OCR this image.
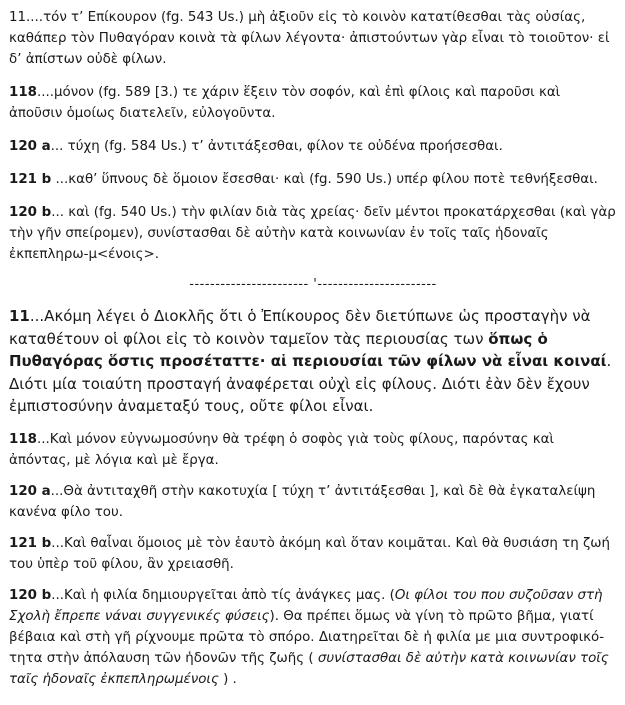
11....τόν τ’ Επίκουρον (fg. 543 Us.) μὴ ἀξιοῦν εἰς τὸ κοινὸν κατατίθεσθαι τὰς οὐσίας, καθάπερ τὸν Πυθαγόραν κοινὰ τὰ φίλων λέγοντα· ἀπιστούντων γὰρ εἶναι τὸ τοιοῦτον· εἰ δ’ ἀπίστων οὐδὲ φίλων.

118....μόνον (fg. 589 [3.) τε χάριν ἕξειν τὸν σοφόν, καὶ ἐπὶ φίλοις καὶ παροῦσι καὶ ἀποῦσιν ὁμοίως διατελεῖν, εὐλογοῦντα.

120 a... τύχη (fg. 584 Us.) τ’ ἀντιτάξεσθαι, φίλον τε οὐδένα προήσεσθαι.

121 b ...καθ’ ὕπνους δὲ ὅμοιον ἔσεσθαι· καὶ (fg. 590 Us.) υπέρ φίλου ποτὲ τεθνήξεσθαι.

120 b... καὶ (fg. 540 Us.) τὴν φιλίαν διὰ τὰς χρείας· δεῖν μέντοι προκατάρχεσθαι (καὶ γὰρ τὴν γῆν σπείρομεν), συνίστασθαι δὲ αὐτὴν κατὰ κοινωνίαν ἐν τοῖς ταῖς ἡδοναῖς ἐκπεπληρω-μ<ένοις>.

----------------------- '-----------------------

11...Ακόμη λέγει ὁ Διοκλῆς ὅτι ὁ Ἐπίκουρος δὲν διετύπωνε ὡς προσταγὴν νὰ καταθέτουν οἱ φίλοι εἰς τὸ κοινὸν ταμεῖον τὰς περιουσίας των ὅπως ὁ Πυθαγόρας ὅστις προσέταττε· αἱ περιουσίαι τῶν φίλων νὰ εἶναι κοιναί. Διότι μία τοιαύτη προσταγή ἀναφέρεται οὐχὶ εἰς φίλους. Διότι ἐὰν δὲν ἔχουν ἐμπιστοσύνην ἀναμεταξύ τους, οὔτε φίλοι εἶναι.

118...Καὶ μόνον εὐγνωμοσύνην θὰ τρέφη ὁ σοφὸς γιὰ τοὺς φίλους, παρόντας καὶ ἀπόντας, μὲ λόγια καὶ μὲ ἔργα.

120 a...Θὰ ἀντιταχθῆ στὴν κακοτυχία [ τύχη τ’ ἀντιτάξεσθαι ], καὶ δὲ θὰ ἐγκαταλείψη κανένα φίλο του.

121 b...Καὶ θαἶναι ὅμοιος μὲ τὸν ἑαυτὸ ἀκόμη καὶ ὅταν κοιμᾶται. Καὶ θὰ θυσιάση τη ζωή του ὑπὲρ τοῦ φίλου, ἂν χρειασθῆ.

120 b...Καὶ ἡ φιλία δημιουργεῖται ἀπὸ τίς ἀνάγκες μας. (Οι φίλοι του που συζοῦσαν στὴ Σχολὴ ἔπρεπε νάναι συγγενικές φύσεις). Θα πρέπει ὅμως νὰ γίνη τὸ πρῶτο βῆμα, γιατί βέβαια καὶ στὴ γῆ ρίχνουμε πρῶτα τὸ σπόρο. Διατηρεῖται δὲ ἡ φιλία με μια συντροφικό-τητα στὴν ἀπόλαυση τῶν ἡδονῶν τῆς ζωῆς ( συνίστασθαι δὲ αὐτὴν κατὰ κοινωνίαν τοῖς ταῖς ἡδοναῖς ἐκπεπληρωμένοις ) .
